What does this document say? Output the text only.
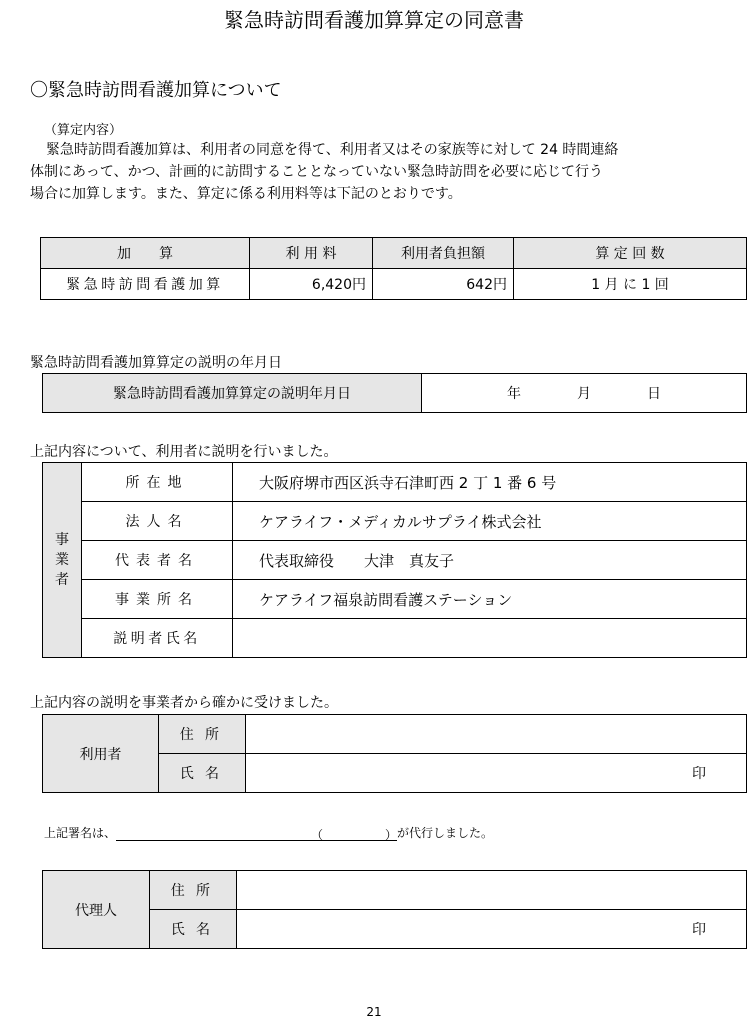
緊急時訪問看護加算算定の同意書
〇緊急時訪問看護加算について
（算定内容）
緊急時訪問看護加算は、利用者の同意を得て、利用者又はその家族等に対して 24 時間連絡
体制にあって、かつ、計画的に訪問することとなっていない緊急時訪問を必要に応じて行う
場合に加算します。また、算定に係る利用料等は下記のとおりです。
加　　算	利 用 料	利用者負担額	算 定 回 数
緊急時訪問看護加算	6,420円	642円	1 月 に 1 回
緊急時訪問看護加算算定の説明の年月日
緊急時訪問看護加算算定の説明年月日	年　　　　月　　　　日
上記内容について、利用者に説明を行いました。
事業者	所在地	大阪府堺市西区浜寺石津町西 2 丁 1 番 6 号
	法人名	ケアライフ・メディカルサプライ株式会社
	代表者名	代表取締役　　大津　真友子
	事業所名	ケアライフ福泉訪問看護ステーション
	説明者氏名	
上記内容の説明を事業者から確かに受けました。
利用者	住所	
	氏名	印
上記署名は、	（	）が代行しました。
代理人	住所	
	氏名	印
21
